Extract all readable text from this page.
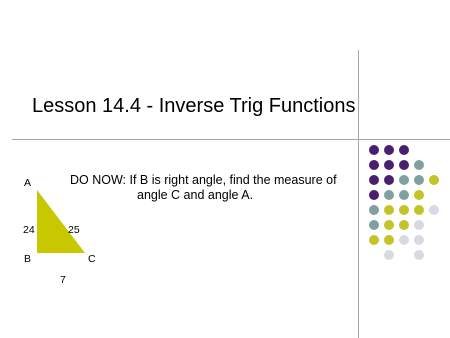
Lesson 14.4 - Inverse Trig Functions
DO NOW: If B is right angle, find the measure of
angle C and angle A.
A
B	C
24	25
7
